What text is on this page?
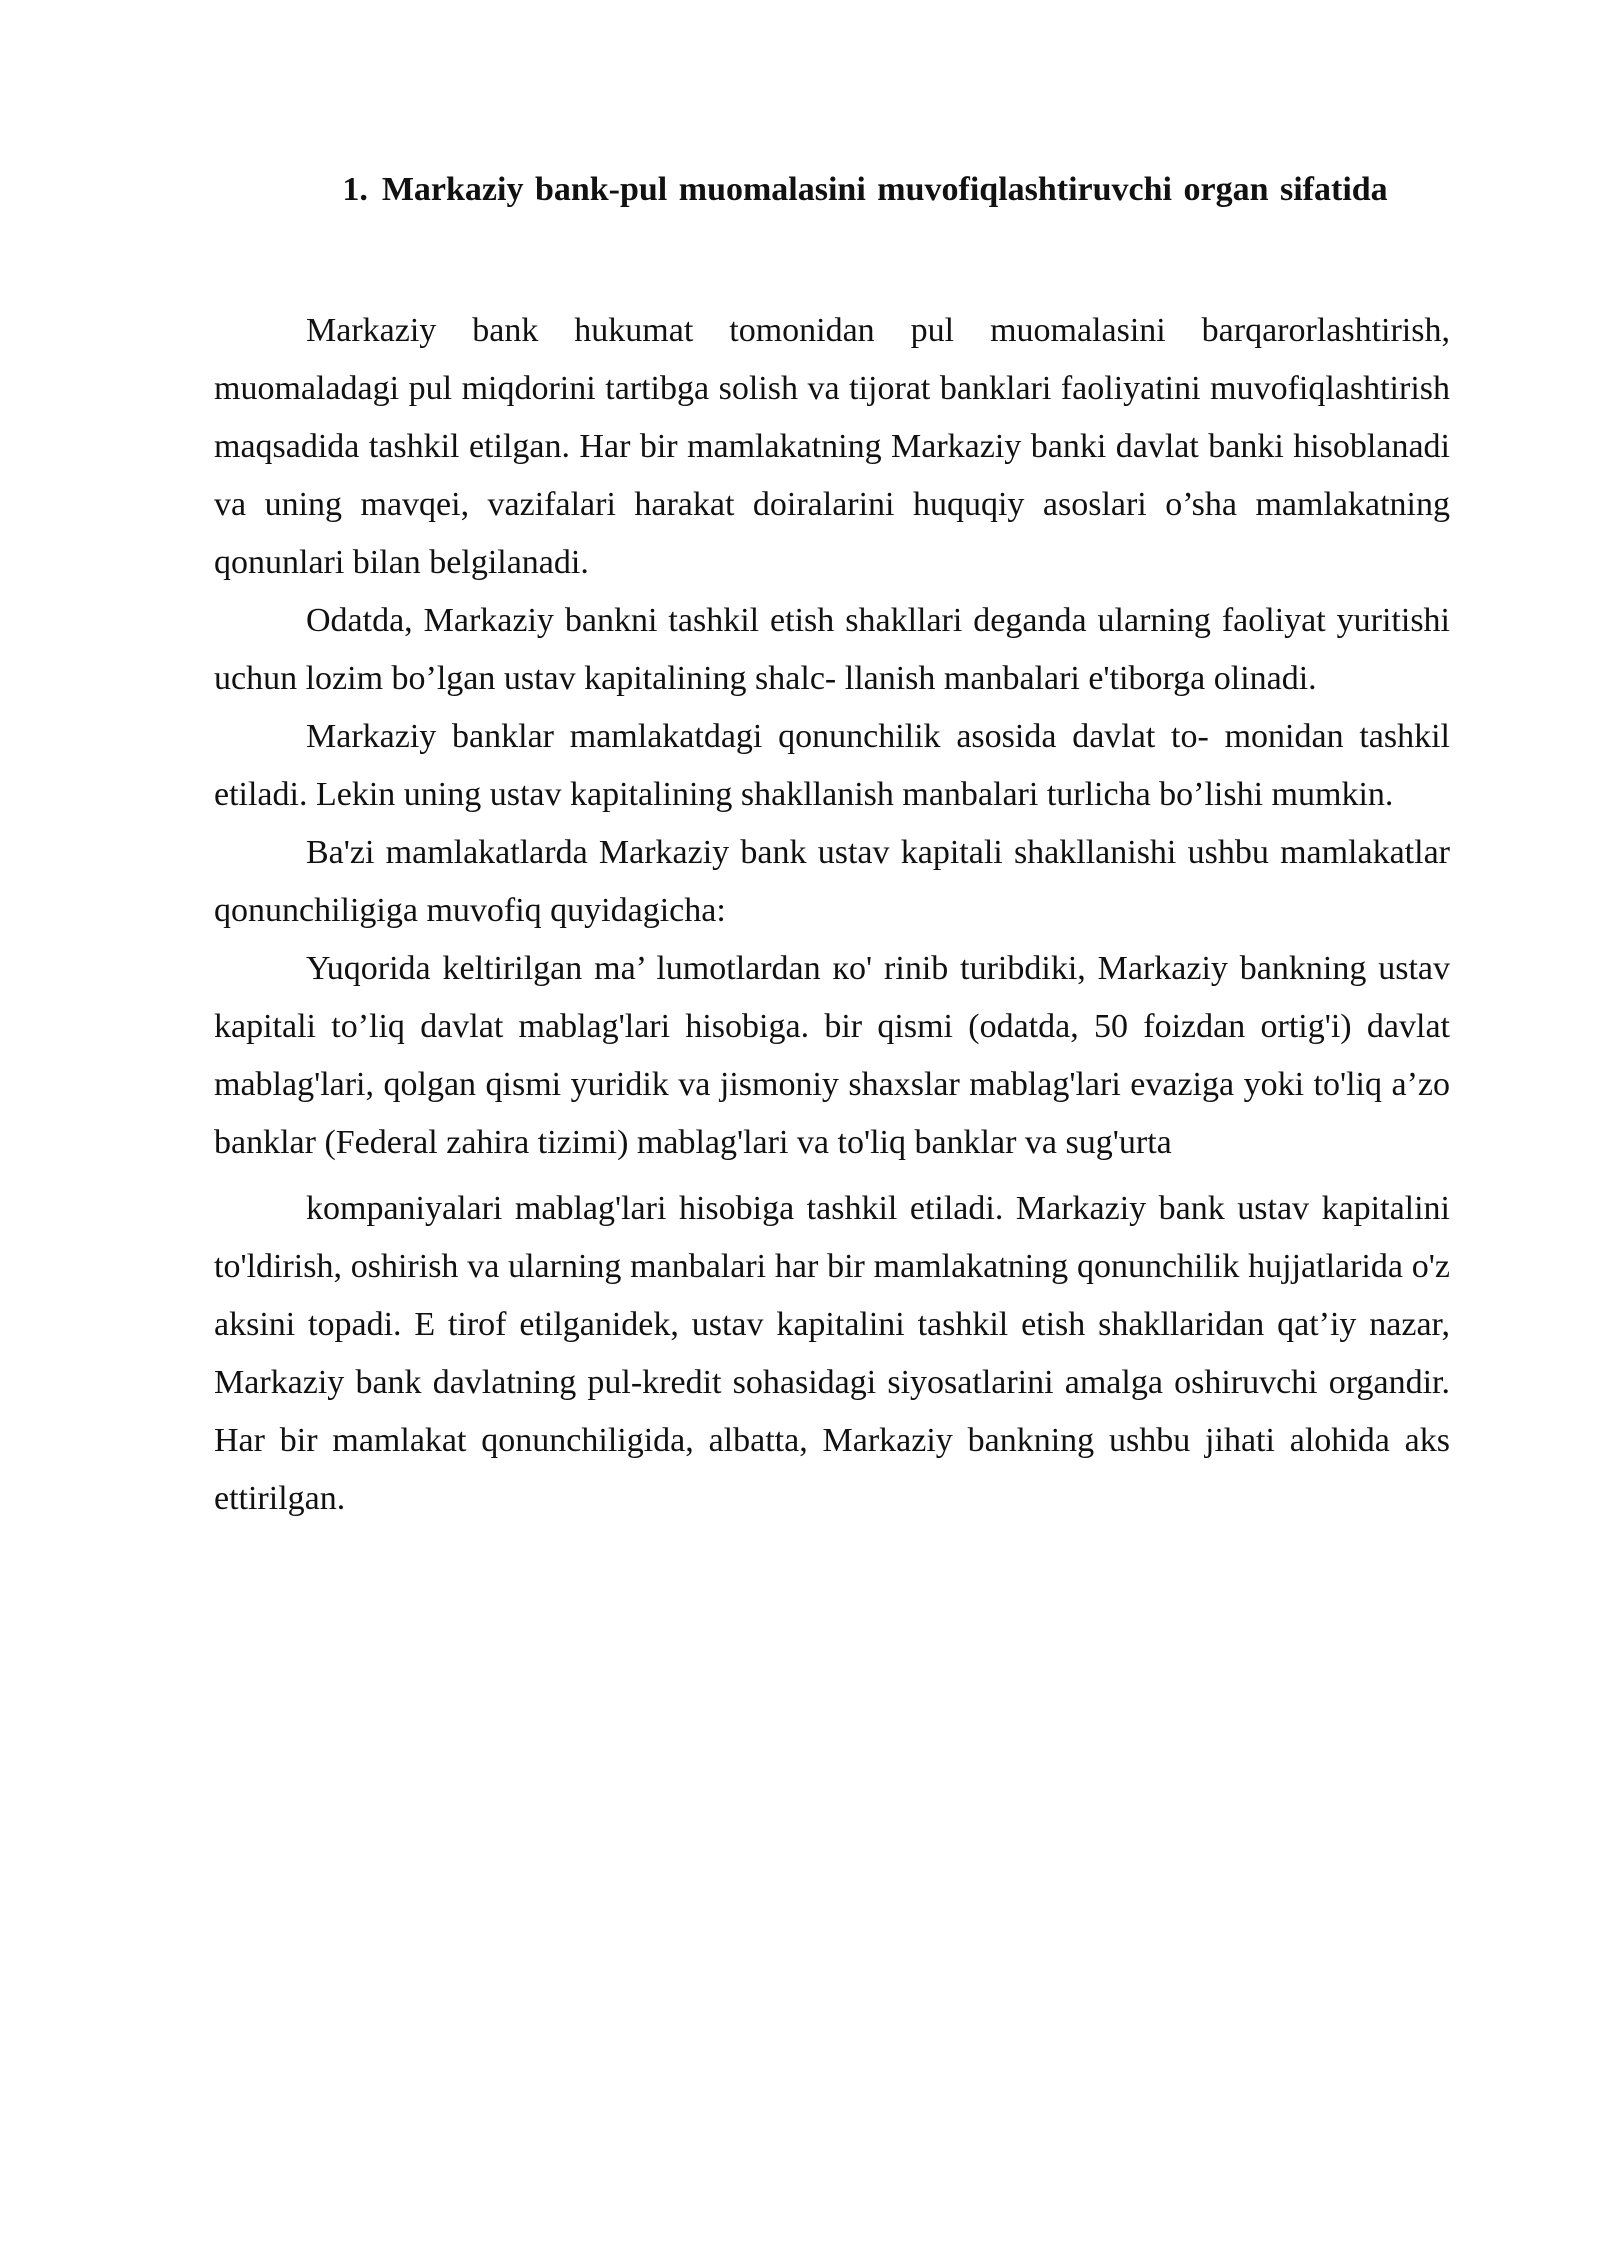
1. Markaziy bank-pul muomalasini muvofiqlashtiruvchi organ sifatida

Markaziy bank hukumat tomonidan pul muomalasini barqarorlashtirish, muomaladagi pul miqdorini tartibga solish va tijorat banklari faoliyatini muvofiqlashtirish maqsadida tashkil etilgan. Har bir mamlakatning Markaziy banki davlat banki hisoblanadi va uning mavqei, vazifalari harakat doiralarini huquqiy asoslari o’sha mamlakatning qonunlari bilan belgilanadi.

Odatda, Markaziy bankni tashkil etish shakllari deganda ularning faoliyat yuritishi uchun lozim bo’lgan ustav kapitalining shalc- llanish manbalari e'tiborga olinadi.

Markaziy banklar mamlakatdagi qonunchilik asosida davlat to- monidan tashkil etiladi. Lekin uning ustav kapitalining shakllanish manbalari turlicha bo’lishi mumkin.

Ba'zi mamlakatlarda Markaziy bank ustav kapitali shakllanishi ushbu mamlakatlar qonunchiligiga muvofiq quyidagicha:

Yuqorida keltirilgan ma’ lumotlardan кo' rinib turibdiki, Markaziy bankning ustav kapitali to’liq davlat mablag'lari hisobiga. bir qismi (odatda, 50 foizdan ortig'i) davlat mablag'lari, qolgan qismi yuridik va jismoniy shaxslar mablag'lari evaziga yoki to'liq a’zo banklar (Federal zahira tizimi) mablag'lari va to'liq banklar va sug'urta

kompaniyalari mablag'lari hisobiga tashkil etiladi. Markaziy bank ustav kapitalini to'ldirish, oshirish va ularning manbalari har bir mamlakatning qonunchilik hujjatlarida o'z aksini topadi. E tirof etilganidek, ustav kapitalini tashkil etish shakllaridan qat’iy nazar, Markaziy bank davlatning pul-kredit sohasidagi siyosatlarini amalga oshiruvchi organdir. Har bir mamlakat qonunchiligida, albatta, Markaziy bankning ushbu jihati alohida aks ettirilgan.
